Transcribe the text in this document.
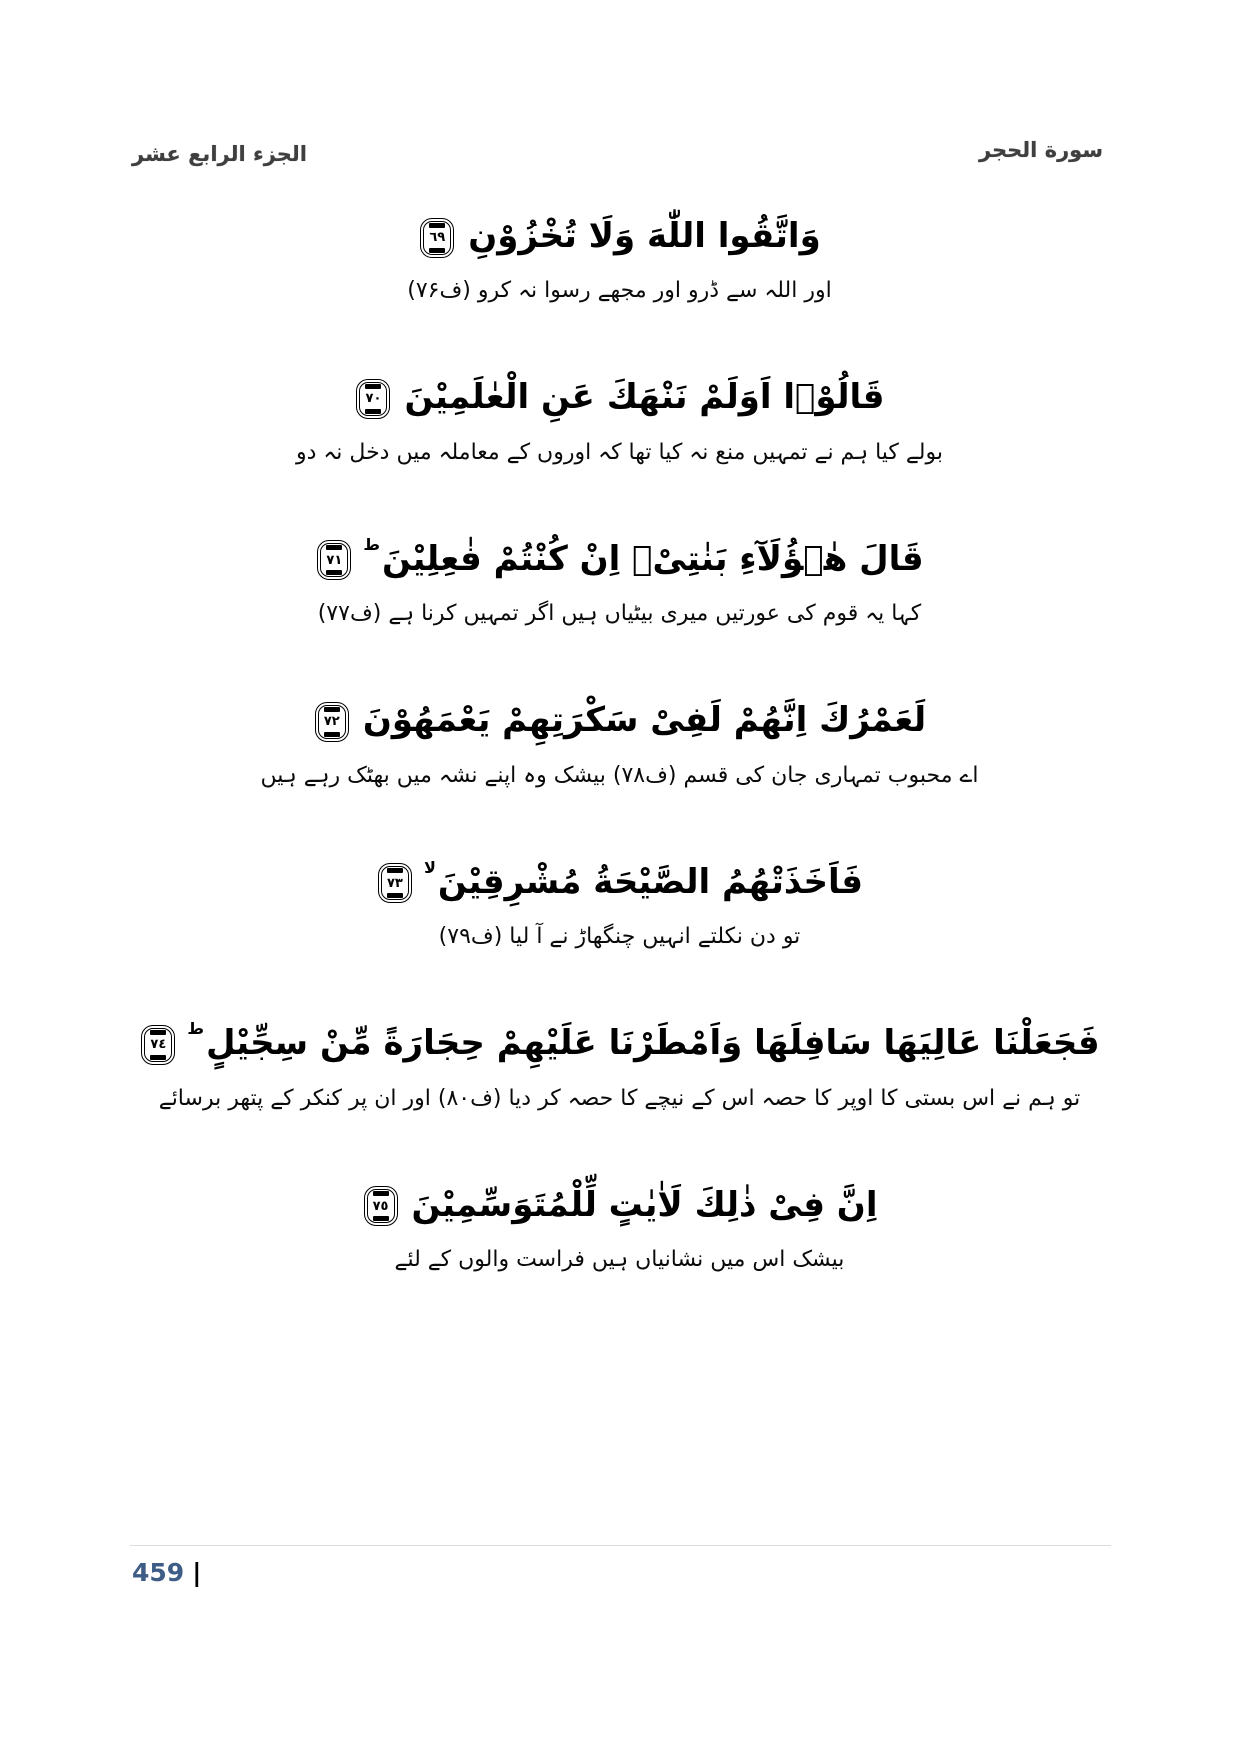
الجزء الرابع عشر	سورة الحجر
وَاتَّقُوا اللّٰهَ وَلَا تُخْزُوْنِ
٦٩
اور اللہ سے ڈرو اور مجھے رسوا نہ کرو (ف۷۶)
قَالُوْۤا اَوَلَمْ نَنْهَكَ عَنِ الْعٰلَمِیْنَ
٧٠
بولے کیا ہم نے تمہیں منع نہ کیا تھا کہ اوروں کے معاملہ میں دخل نہ دو
قَالَ هٰۤؤُلَآءِ بَنٰتِیْۤ اِنْ كُنْتُمْ فٰعِلِیْنَط
٧١
کہا یہ قوم کی عورتیں میری بیٹیاں ہیں اگر تمہیں کرنا ہے (ف۷۷)
لَعَمْرُكَ اِنَّهُمْ لَفِیْ سَكْرَتِهِمْ یَعْمَهُوْنَ
٧٢
اے محبوب تمہاری جان کی قسم (ف۷۸) بیشک وہ اپنے نشہ میں بھٹک رہے ہیں
فَاَخَذَتْهُمُ الصَّیْحَةُ مُشْرِقِیْنَلا
٧٣
تو دن نکلتے انہیں چنگھاڑ نے آ لیا (ف۷۹)
فَجَعَلْنَا عَالِیَهَا سَافِلَهَا وَاَمْطَرْنَا عَلَیْهِمْ حِجَارَةً مِّنْ سِجِّیْلٍط
٧٤
تو ہم نے اس بستی کا اوپر کا حصہ اس کے نیچے کا حصہ کر دیا (ف۸۰) اور ان پر کنکر کے پتھر برسائے
اِنَّ فِیْ ذٰلِكَ لَاٰیٰتٍ لِّلْمُتَوَسِّمِیْنَ
٧٥
بیشک اس میں نشانیاں ہیں فراست والوں کے لئے
459 |
